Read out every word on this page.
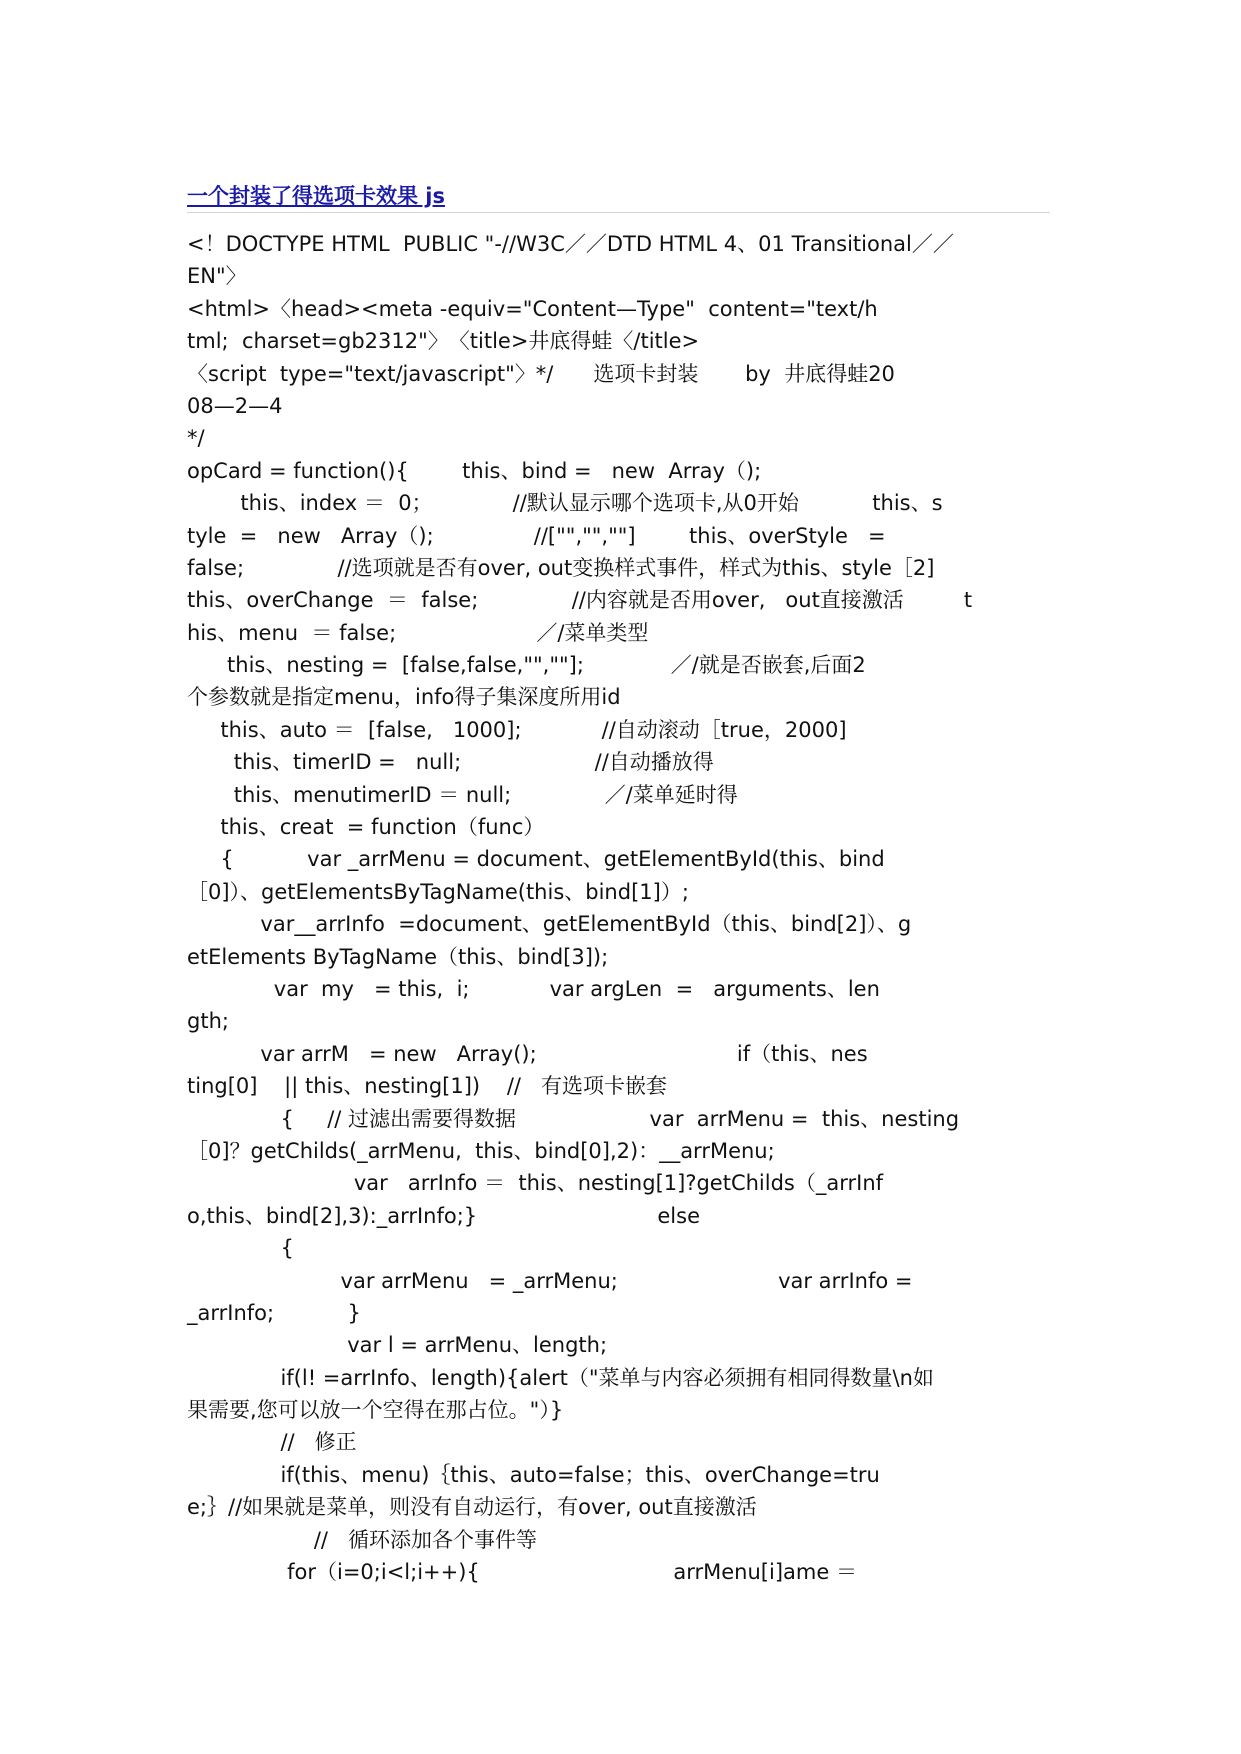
一个封装了得选项卡效果 js
<！DOCTYPE HTML  PUBLIC "-//W3C／／DTD HTML 4、01 Transitional／／
EN"〉
<html>﻿〈head>﻿<meta -equiv="Content—Type"  content="text/h
tml;  charset=gb2312"〉﻿〈title>井底得蛙〈/title>
〈script  type="text/javascript"〉﻿*/﻿      选项卡封装﻿       by  井底得蛙20         ﻿
08—2—4
*/
opCard = function()﻿{﻿        this、bind =   new  Array（);
this、index ＝  0；            //默认显示哪个选项卡,从0开始﻿    ﻿       this、s
tyle  =   new   Array（);               //["","",""]﻿        this、overStyle   =
false;              //选项就是否有over, out变换样式事件，样式为this、style［2]﻿
this、overChange  ＝  false;              //内容就是否用over,   out直接激活﻿         t
his、menu  ＝ false;                     ／/菜单类型
this、nesting =  [false,false,"",""];             ／/就是否嵌套,后面2
个参数就是指定menu，info得子集深度所用id﻿
this、auto ＝  [false,   1000];            //自动滚动［true，2000]
this、timerID =   null;                    //自动播放得
this、menutimerID ＝ null;              ／/菜单延时得﻿
this、creat  = function（func）
{﻿           var _arrMenu = document、getElementById(this、bind
［0]）、getElementsByTagName(this、bind[1]）;
var__arrInfo  =document、getElementById（this、bind[2]）、g
etElements ByTagName（this、bind[3]);
var  my   = this,  i;﻿            var argLen  =   arguments、len
gth;
var arrM   = new   Array();﻿              ﻿                if（this、nes
ting[0]    || this、nesting[1])    //   有选项卡嵌套
{     // 过滤出需要得数据﻿                    var  arrMenu =  this、nesting
［0]？getChilds(_arrMenu,  this、bind[0],2)：__arrMenu;
var   arrInfo ＝  this、nesting[1]?getChilds（_arrInf
o,this、bind[2],3):_arrInfo;﻿}          ﻿                 else
{
var arrMenu   = _arrMenu;﻿                        var arrInfo =
_arrInfo;﻿           }
﻿              var l = arrMenu、length;
if(l! =arrInfo、length){alert（"菜单与内容必须拥有相同得数量\n如
果需要,您可以放一个空得在那占位。"）}﻿
//   修正
if(this、menu)｛this、auto=false；this、overChange=tru
e;｝//如果就是菜单，则没有自动运行，有over, out直接激活
﻿          //   循环添加各个事件等
for（i=0;i<l;i++)﻿{          ﻿                   arrMenu[i]ame ＝
